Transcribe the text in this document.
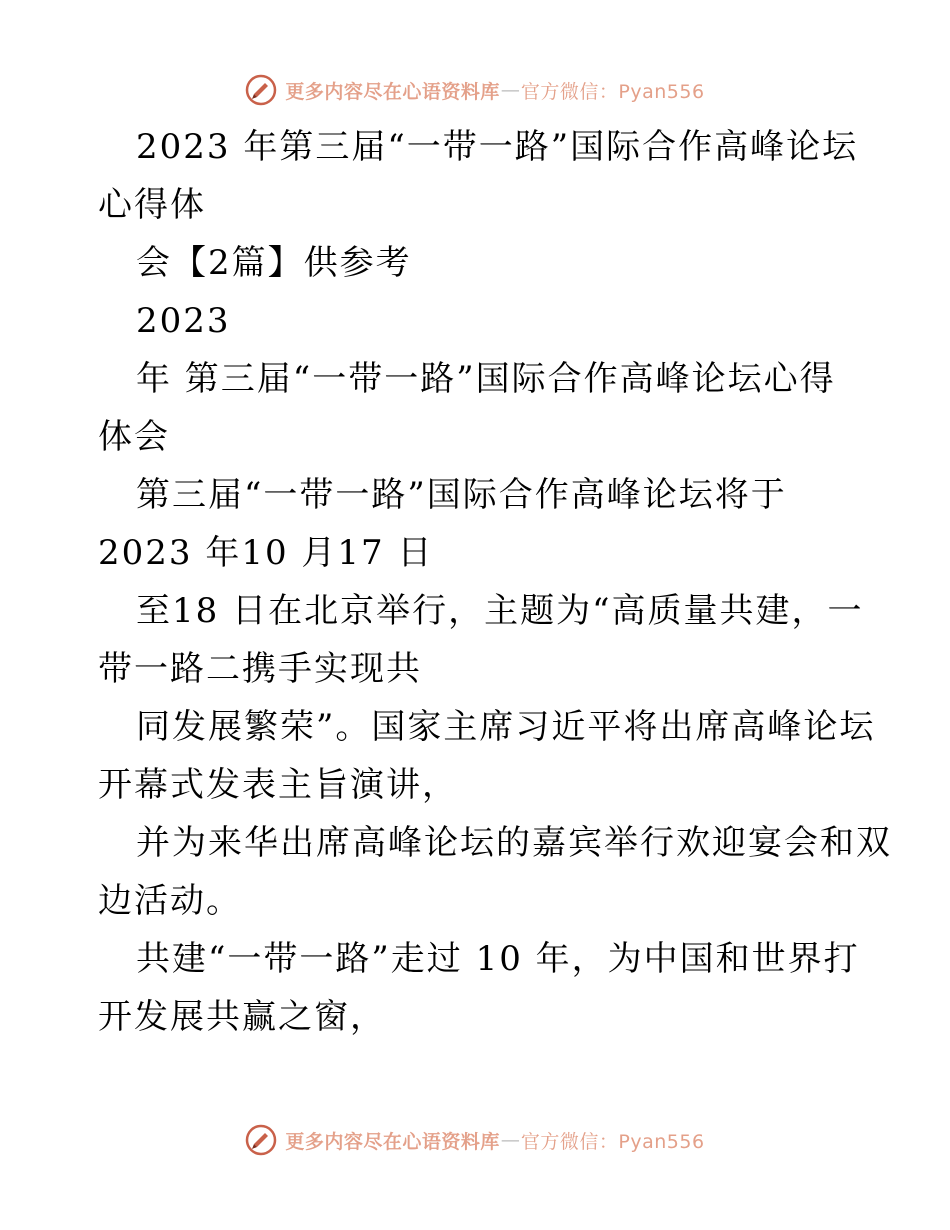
更多内容尽在心语资料库 — 官方微信：Pyan556
2023 年第三届“一带一路”国际合作高峰论坛
心得体
会【2篇】供参考
2023
年 第三届“一带一路”国际合作高峰论坛心得
体会
第三届“一带一路”国际合作高峰论坛将于
2023 年10 月17 日
至18 日在北京举行，主题为“高质量共建，一
带一路二携手实现共
同发展繁荣”。国家主席习近平将出席高峰论坛
开幕式发表主旨演讲，
并为来华出席高峰论坛的嘉宾举行欢迎宴会和双
边活动。
共建“一带一路”走过 10 年，为中国和世界打
开发展共赢之窗，
更多内容尽在心语资料库 — 官方微信：Pyan556
